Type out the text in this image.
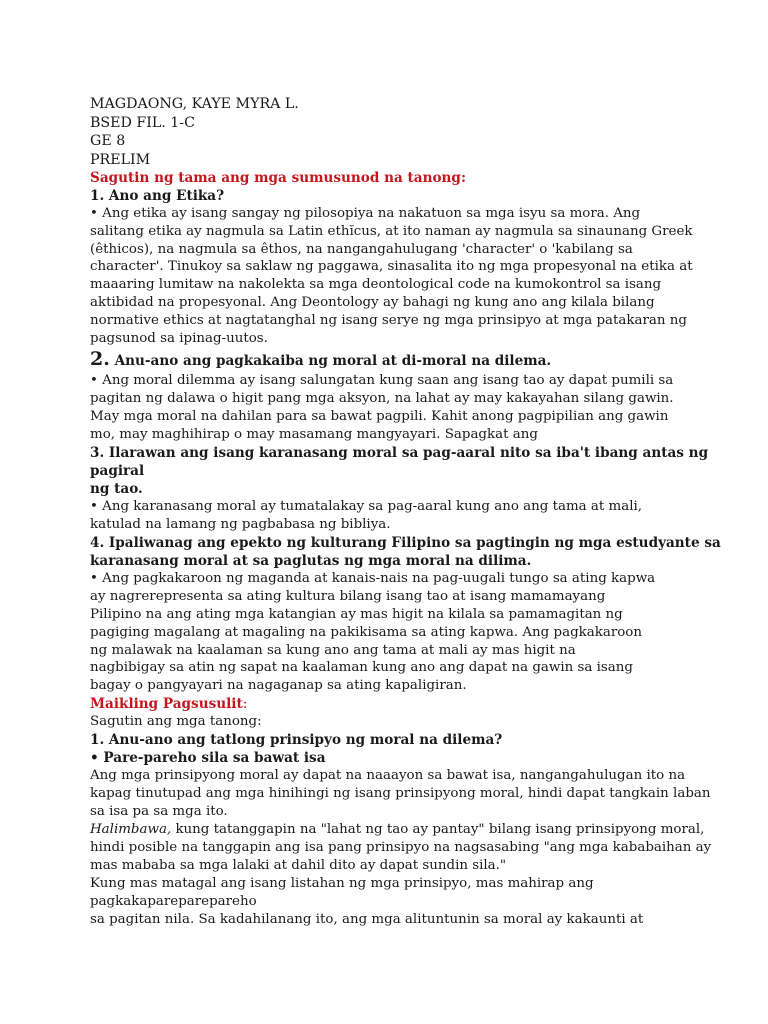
MAGDAONG, KAYE MYRA L.
BSED FIL. 1-C
GE 8
PRELIM
Sagutin ng tama ang mga sumusunod na tanong:
1. Ano ang Etika?
• Ang etika ay isang sangay ng pilosopiya na nakatuon sa mga isyu sa mora. Ang
salitang etika ay nagmula sa Latin ethĭcus, at ito naman ay nagmula sa sinaunang Greek
(êthicos), na nagmula sa êthos, na nangangahulugang 'character' o 'kabilang sa
character'. Tinukoy sa saklaw ng paggawa, sinasalita ito ng mga propesyonal na etika at
maaaring lumitaw na nakolekta sa mga deontological code na kumokontrol sa isang
aktibidad na propesyonal. Ang Deontology ay bahagi ng kung ano ang kilala bilang
normative ethics at nagtatanghal ng isang serye ng mga prinsipyo at mga patakaran ng
pagsunod sa ipinag-uutos.
2. Anu-ano ang pagkakaiba ng moral at di-moral na dilema.
• Ang moral dilemma ay isang salungatan kung saan ang isang tao ay dapat pumili sa
pagitan ng dalawa o higit pang mga aksyon, na lahat ay may kakayahan silang gawin.
May mga moral na dahilan para sa bawat pagpili. Kahit anong pagpipilian ang gawin
mo, may maghihirap o may masamang mangyayari. Sapagkat ang
3. Ilarawan ang isang karanasang moral sa pag-aaral nito sa iba't ibang antas ng
pagiral
ng tao.
• Ang karanasang moral ay tumatalakay sa pag-aaral kung ano ang tama at mali,
katulad na lamang ng pagbabasa ng bibliya.
4. Ipaliwanag ang epekto ng kulturang Filipino sa pagtingin ng mga estudyante sa
karanasang moral at sa paglutas ng mga moral na dilima.
• Ang pagkakaroon ng maganda at kanais-nais na pag-uugali tungo sa ating kapwa
ay nagrerepresenta sa ating kultura bilang isang tao at isang mamamayang
Pilipino na ang ating mga katangian ay mas higit na kilala sa pamamagitan ng
pagiging magalang at magaling na pakikisama sa ating kapwa. Ang pagkakaroon
ng malawak na kaalaman sa kung ano ang tama at mali ay mas higit na
nagbibigay sa atin ng sapat na kaalaman kung ano ang dapat na gawin sa isang
bagay o pangyayari na nagaganap sa ating kapaligiran.
Maikling Pagsusulit:
Sagutin ang mga tanong:
1. Anu-ano ang tatlong prinsipyo ng moral na dilema?
• Pare-pareho sila sa bawat isa
Ang mga prinsipyong moral ay dapat na naaayon sa bawat isa, nangangahulugan ito na
kapag tinutupad ang mga hinihingi ng isang prinsipyong moral, hindi dapat tangkain laban
sa isa pa sa mga ito.
Halimbawa, kung tatanggapin na "lahat ng tao ay pantay" bilang isang prinsipyong moral,
hindi posible na tanggapin ang isa pang prinsipyo na nagsasabing "ang mga kababaihan ay
mas mababa sa mga lalaki at dahil dito ay dapat sundin sila."
Kung mas matagal ang isang listahan ng mga prinsipyo, mas mahirap ang
pagkakapareparepareho
sa pagitan nila. Sa kadahilanang ito, ang mga alituntunin sa moral ay kakaunti at
